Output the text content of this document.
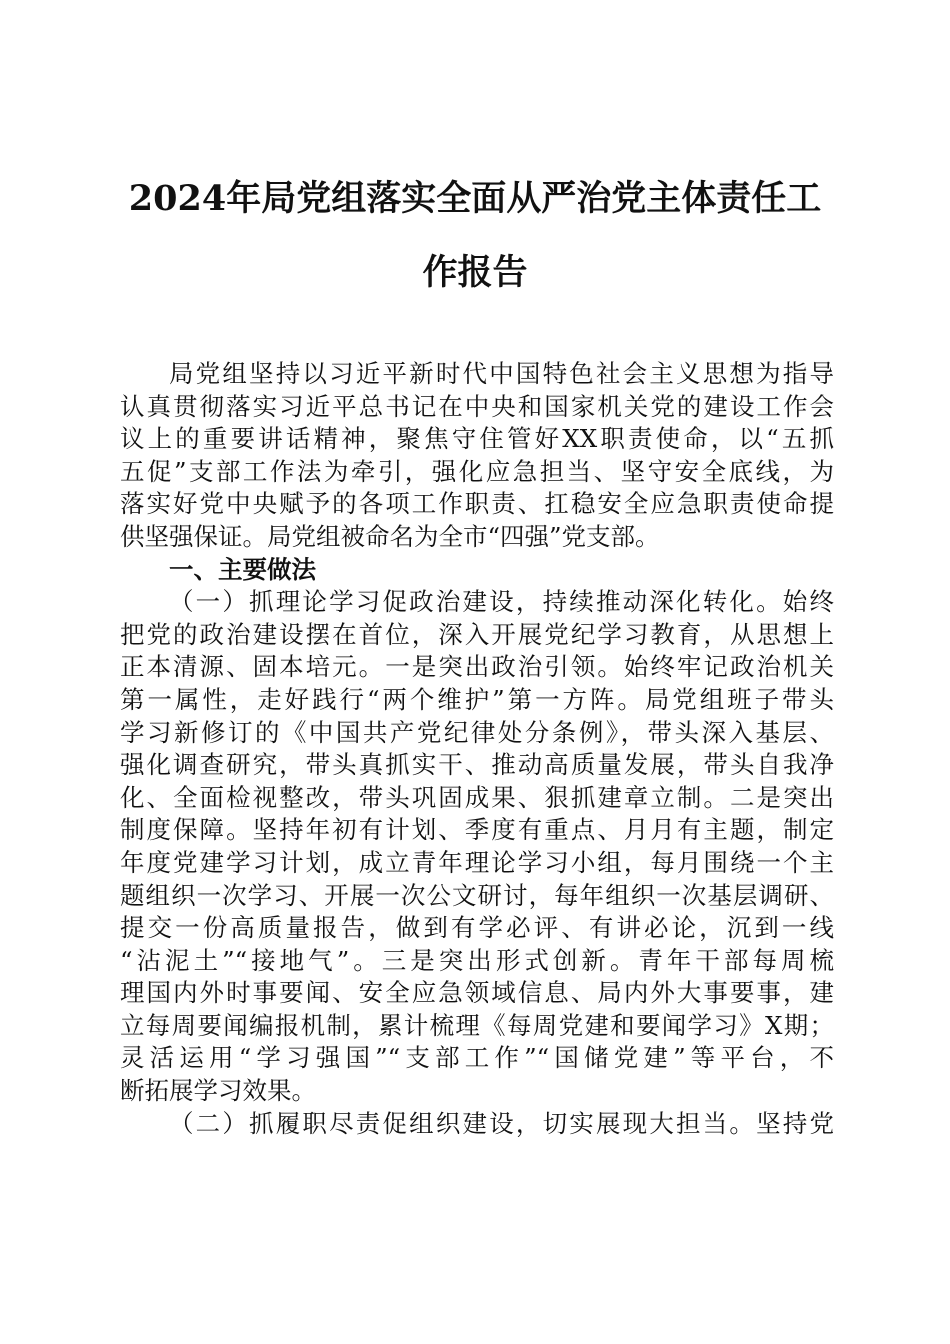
2024年局党组落实全面从严治党主体责任工
作报告
局党组坚持以习近平新时代中国特色社会主义思想为指导
认真贯彻落实习近平总书记在中央和国家机关党的建设工作会
议上的重要讲话精神，聚焦守住管好XX职责使命，以“五抓
五促”支部工作法为牵引，强化应急担当、坚守安全底线，为
落实好党中央赋予的各项工作职责、扛稳安全应急职责使命提
供坚强保证。局党组被命名为全市“四强”党支部。
一、主要做法
（一）抓理论学习促政治建设，持续推动深化转化。始终
把党的政治建设摆在首位，深入开展党纪学习教育，从思想上
正本清源、固本培元。一是突出政治引领。始终牢记政治机关
第一属性，走好践行“两个维护”第一方阵。局党组班子带头
学习新修订的《中国共产党纪律处分条例》，带头深入基层、
强化调查研究，带头真抓实干、推动高质量发展，带头自我净
化、全面检视整改，带头巩固成果、狠抓建章立制。二是突出
制度保障。坚持年初有计划、季度有重点、月月有主题，制定
年度党建学习计划，成立青年理论学习小组，每月围绕一个主
题组织一次学习、开展一次公文研讨，每年组织一次基层调研、
提交一份高质量报告，做到有学必评、有讲必论，沉到一线
“沾泥土”“接地气”。三是突出形式创新。青年干部每周梳
理国内外时事要闻、安全应急领域信息、局内外大事要事，建
立每周要闻编报机制，累计梳理《每周党建和要闻学习》X期；
灵活运用“学习强国”“支部工作”“国储党建”等平台，不
断拓展学习效果。
（二）抓履职尽责促组织建设，切实展现大担当。坚持党
